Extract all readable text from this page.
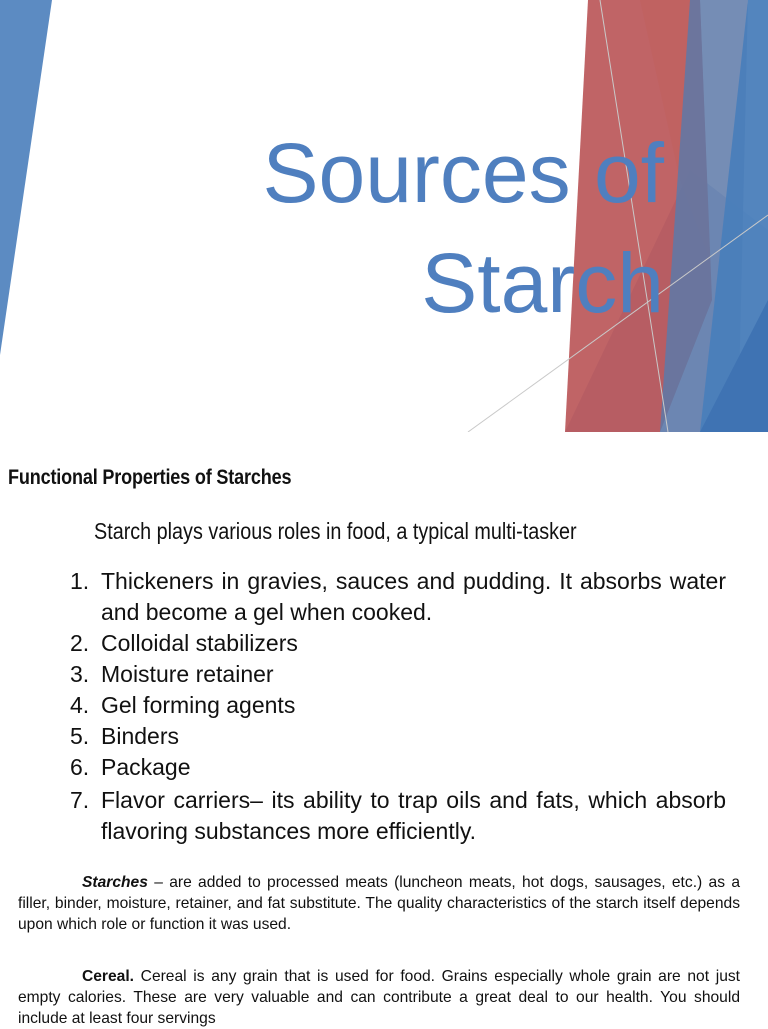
Sources of
Starch
Functional Properties of Starches

Starch plays various roles in food, a typical multi-tasker

1. Thickeners in gravies, sauces and pudding. It absorbs water and become a gel when cooked.
2. Colloidal stabilizers
3. Moisture retainer
4. Gel forming agents
5. Binders
6. Package
7. Flavor carriers– its ability to trap oils and fats, which absorb flavoring substances more efficiently.

Starches – are added to processed meats (luncheon meats, hot dogs, sausages, etc.) as a filler, binder, moisture, retainer, and fat substitute. The quality characteristics of the starch itself depends upon which role or function it was used.

Cereal. Cereal is any grain that is used for food. Grains especially whole grain are not just empty calories. These are very valuable and can contribute a great deal to our health. You should include at least four servings
